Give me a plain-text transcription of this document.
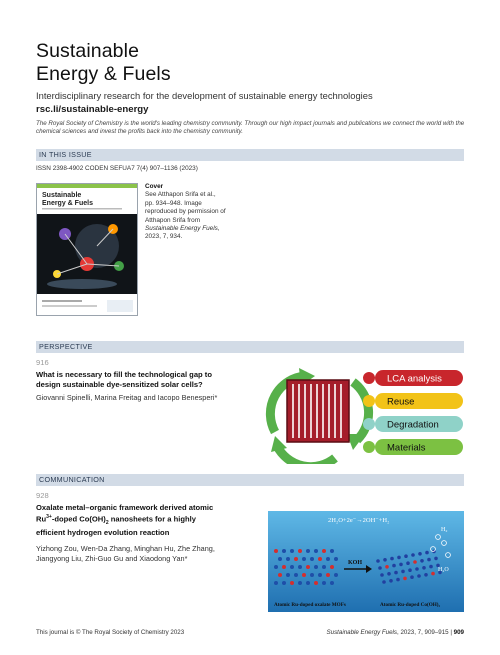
Sustainable
Energy & Fuels
Interdisciplinary research for the development of sustainable energy technologies
rsc.li/sustainable-energy
The Royal Society of Chemistry is the world's leading chemistry community. Through our high impact journals and publications we connect the world with the chemical sciences and invest the profits back into the chemistry community.
IN THIS ISSUE
ISSN 2398-4902 CODEN SEFUA7 7(4) 907–1136 (2023)
Sustainable
Energy & Fuels
Cover
See Atthapon Srifa et al.,
pp. 934–948. Image
reproduced by permission of
Atthapon Srifa from
Sustainable Energy Fuels,
2023, 7, 934.
PERSPECTIVE
916
What is necessary to fill the technological gap to
design sustainable dye-sensitized solar cells?
Giovanni Spinelli, Marina Freitag and Iacopo Benesperi*
LCA analysis
Reuse
Degradation
Materials
COMMUNICATION
928
Oxalate metal–organic framework derived atomic
$Ru^{3+}$-doped $Co(OH)_2$ nanosheets for a highly
efficient hydrogen evolution reaction
Yizhong Zou, Wen-Da Zhang, Minghan Hu, Zhe Zhang,
Jiangyong Liu, Zhi-Guo Gu and Xiaodong Yan*
2H₂O+2e⁻→2OH⁻+H₂
KOH
H₂
H₂O
Atomic Ru-doped oxalate MOFs	Atomic Ru-doped Co(OH)₂
This journal is © The Royal Society of Chemistry 2023	Sustainable Energy Fuels, 2023, 7, 909–915 | 909
